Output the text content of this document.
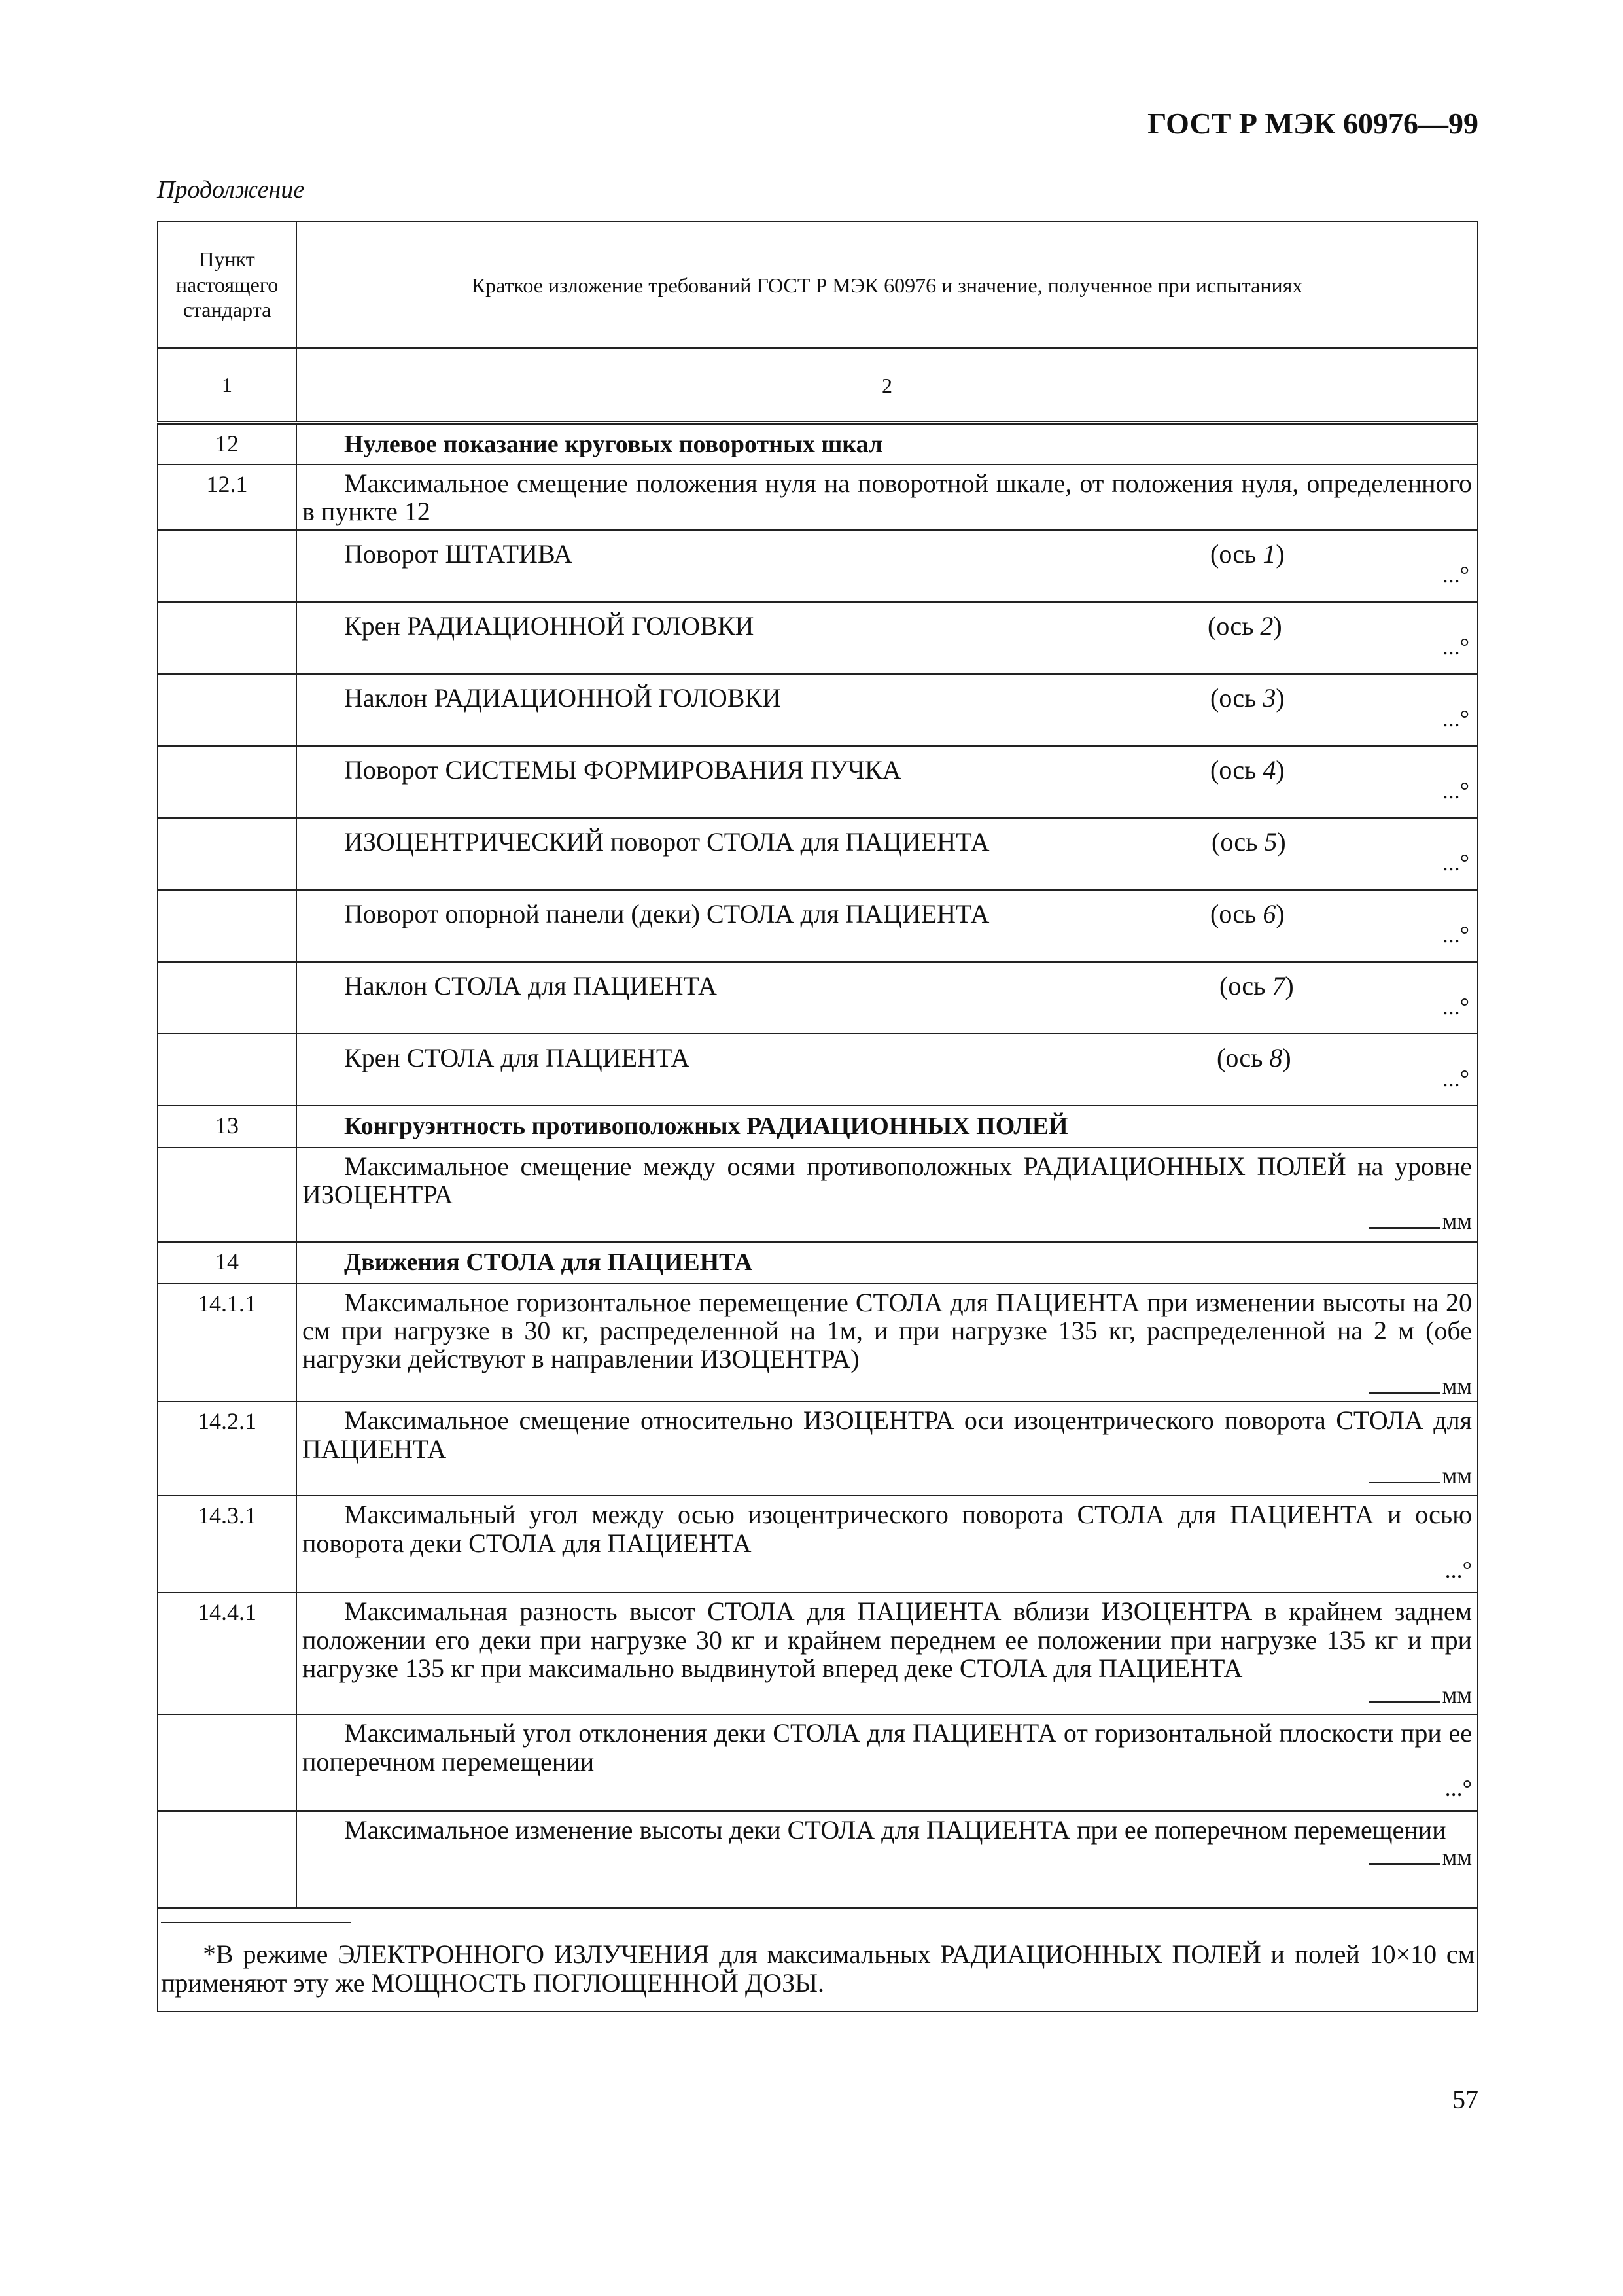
ГОСТ Р МЭК 60976—99
Продолжение
Пункт настоящего стандарта	Краткое изложение требований ГОСТ Р МЭК 60976 и значение, полученное при испытаниях
1	2

12	Нулевое показание круговых поворотных шкал

12.1	Максимальное смещение положения нуля на поворотной шкале, от положения нуля, определенного в пункте 12

	Поворот ШТАТИВА (ось 1)
...°

	Крен РАДИАЦИОННОЙ ГОЛОВКИ (ось 2)
...°

	Наклон РАДИАЦИОННОЙ ГОЛОВКИ (ось 3)
...°

	Поворот СИСТЕМЫ ФОРМИРОВАНИЯ ПУЧКА (ось 4)
...°

	ИЗОЦЕНТРИЧЕСКИЙ поворот СТОЛА для ПАЦИЕНТА (ось 5)
...°

	Поворот опорной панели (деки) СТОЛА для ПАЦИЕНТА (ось 6)
...°

	Наклон СТОЛА для ПАЦИЕНТА (ось 7)
...°

	Крен СТОЛА для ПАЦИЕНТА (ось 8)
...°

13	Конгруэнтность противоположных РАДИАЦИОННЫХ ПОЛЕЙ

	Максимальное смещение между осями противоположных РАДИАЦИОННЫХ ПОЛЕЙ на уровне ИЗОЦЕНТРА
мм

14	Движения СТОЛА для ПАЦИЕНТА

14.1.1	Максимальное горизонтальное перемещение СТОЛА для ПАЦИЕНТА при изменении высоты на 20 см при нагрузке в 30 кг, распределенной на 1м, и при нагрузке 135 кг, распределенной на 2 м (обе нагрузки действуют в направлении ИЗОЦЕНТРА)
мм

14.2.1	Максимальное смещение относительно ИЗОЦЕНТРА оси изоцентрического поворота СТОЛА для ПАЦИЕНТА
мм

14.3.1	Максимальный угол между осью изоцентрического поворота СТОЛА для ПАЦИЕНТА и осью поворота деки СТОЛА для ПАЦИЕНТА
...°

14.4.1	Максимальная разность высот СТОЛА для ПАЦИЕНТА вблизи ИЗОЦЕНТРА в крайнем заднем положении его деки при нагрузке 30 кг и крайнем переднем ее положении при нагрузке 135 кг и при нагрузке 135 кг при максимально выдвинутой вперед деке СТОЛА для ПАЦИЕНТА
мм

	Максимальный угол отклонения деки СТОЛА для ПАЦИЕНТА от горизонтальной плоскости при ее поперечном перемещении
...°

	Максимальное изменение высоты деки СТОЛА для ПАЦИЕНТА при ее поперечном перемещении
мм

*В режиме ЭЛЕКТРОННОГО ИЗЛУЧЕНИЯ для максимальных РАДИАЦИОННЫХ ПОЛЕЙ и полей 10×10 см применяют эту же МОЩНОСТЬ ПОГЛОЩЕННОЙ ДОЗЫ.	
57
